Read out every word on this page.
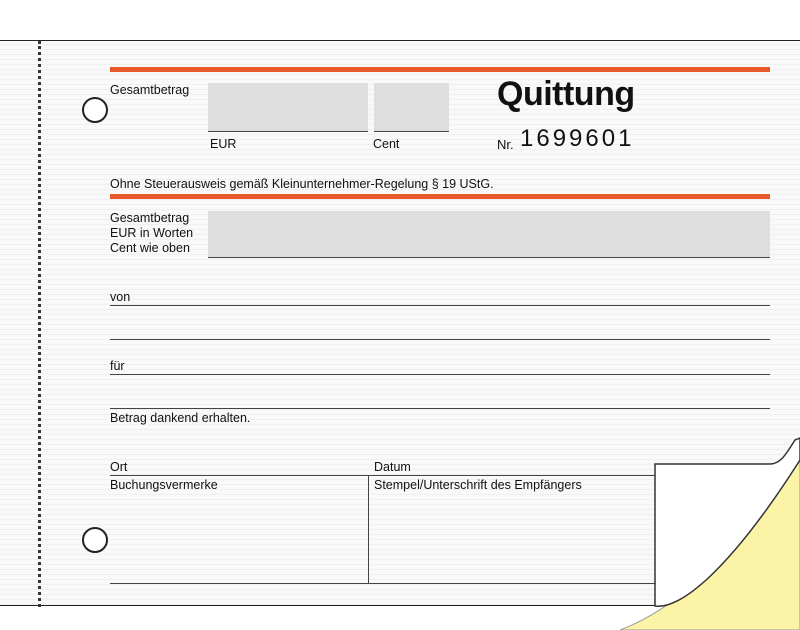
Gesamtbetrag
EUR	Cent
Quittung
Nr. 1699601
Ohne Steuerausweis gemäß Kleinunternehmer-Regelung § 19 UStG.
Gesamtbetrag
EUR in Worten
Cent wie oben
von
für
Betrag dankend erhalten.
Ort	Datum
Buchungsvermerke	Stempel/Unterschrift des Empfängers
